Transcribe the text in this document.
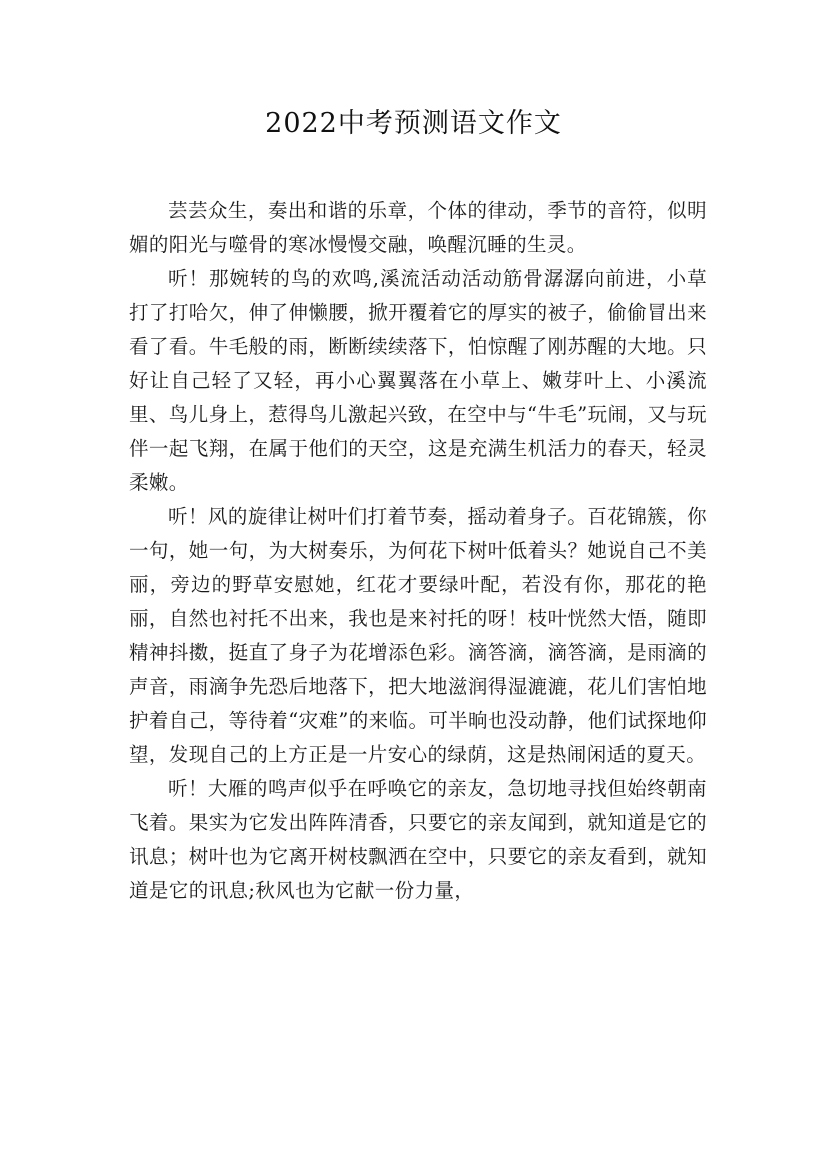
2022中考预测语文作文

芸芸众生，奏出和谐的乐章，个体的律动，季节的音符，似明媚的阳光与噬骨的寒冰慢慢交融，唤醒沉睡的生灵。

听！那婉转的鸟的欢鸣,溪流活动活动筋骨潺潺向前进，小草打了打哈欠，伸了伸懒腰，掀开覆着它的厚实的被子，偷偷冒出来看了看。牛毛般的雨，断断续续落下，怕惊醒了刚苏醒的大地。只好让自己轻了又轻，再小心翼翼落在小草上、嫩芽叶上、小溪流里、鸟儿身上，惹得鸟儿激起兴致，在空中与“牛毛”玩闹，又与玩伴一起飞翔，在属于他们的天空，这是充满生机活力的春天，轻灵柔嫩。

听！风的旋律让树叶们打着节奏，摇动着身子。百花锦簇，你一句，她一句，为大树奏乐，为何花下树叶低着头？她说自己不美丽，旁边的野草安慰她，红花才要绿叶配，若没有你，那花的艳丽，自然也衬托不出来，我也是来衬托的呀！枝叶恍然大悟，随即精神抖擞，挺直了身子为花增添色彩。滴答滴，滴答滴，是雨滴的声音，雨滴争先恐后地落下，把大地滋润得湿漉漉，花儿们害怕地护着自己，等待着“灾难”的来临。可半晌也没动静，他们试探地仰望，发现自己的上方正是一片安心的绿荫，这是热闹闲适的夏天。

听！大雁的鸣声似乎在呼唤它的亲友，急切地寻找但始终朝南飞着。果实为它发出阵阵清香，只要它的亲友闻到，就知道是它的讯息；树叶也为它离开树枝飘洒在空中，只要它的亲友看到，就知道是它的讯息;秋风也为它献一份力量，
